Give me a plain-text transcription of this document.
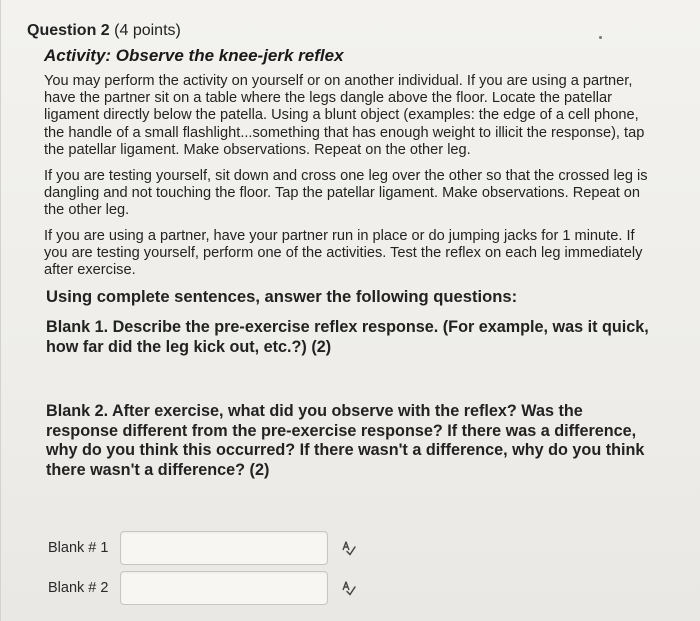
Question 2 (4 points)
Activity: Observe the knee-jerk reflex

You may perform the activity on yourself or on another individual. If you are using a partner, have the partner sit on a table where the legs dangle above the floor. Locate the patellar ligament directly below the patella. Using a blunt object (examples: the edge of a cell phone, the handle of a small flashlight...something that has enough weight to illicit the response), tap the patellar ligament. Make observations. Repeat on the other leg.

If you are testing yourself, sit down and cross one leg over the other so that the crossed leg is dangling and not touching the floor. Tap the patellar ligament. Make observations. Repeat on the other leg.

If you are using a partner, have your partner run in place or do jumping jacks for 1 minute. If you are testing yourself, perform one of the activities. Test the reflex on each leg immediately after exercise.

Using complete sentences, answer the following questions:
Blank 1. Describe the pre-exercise reflex response. (For example, was it quick, how far did the leg kick out, etc.?) (2)
Blank 2. After exercise, what did you observe with the reflex? Was the response different from the pre-exercise response? If there was a difference, why do you think this occurred? If there wasn't a difference, why do you think there wasn't a difference? (2)
Blank # 1
Blank # 2
